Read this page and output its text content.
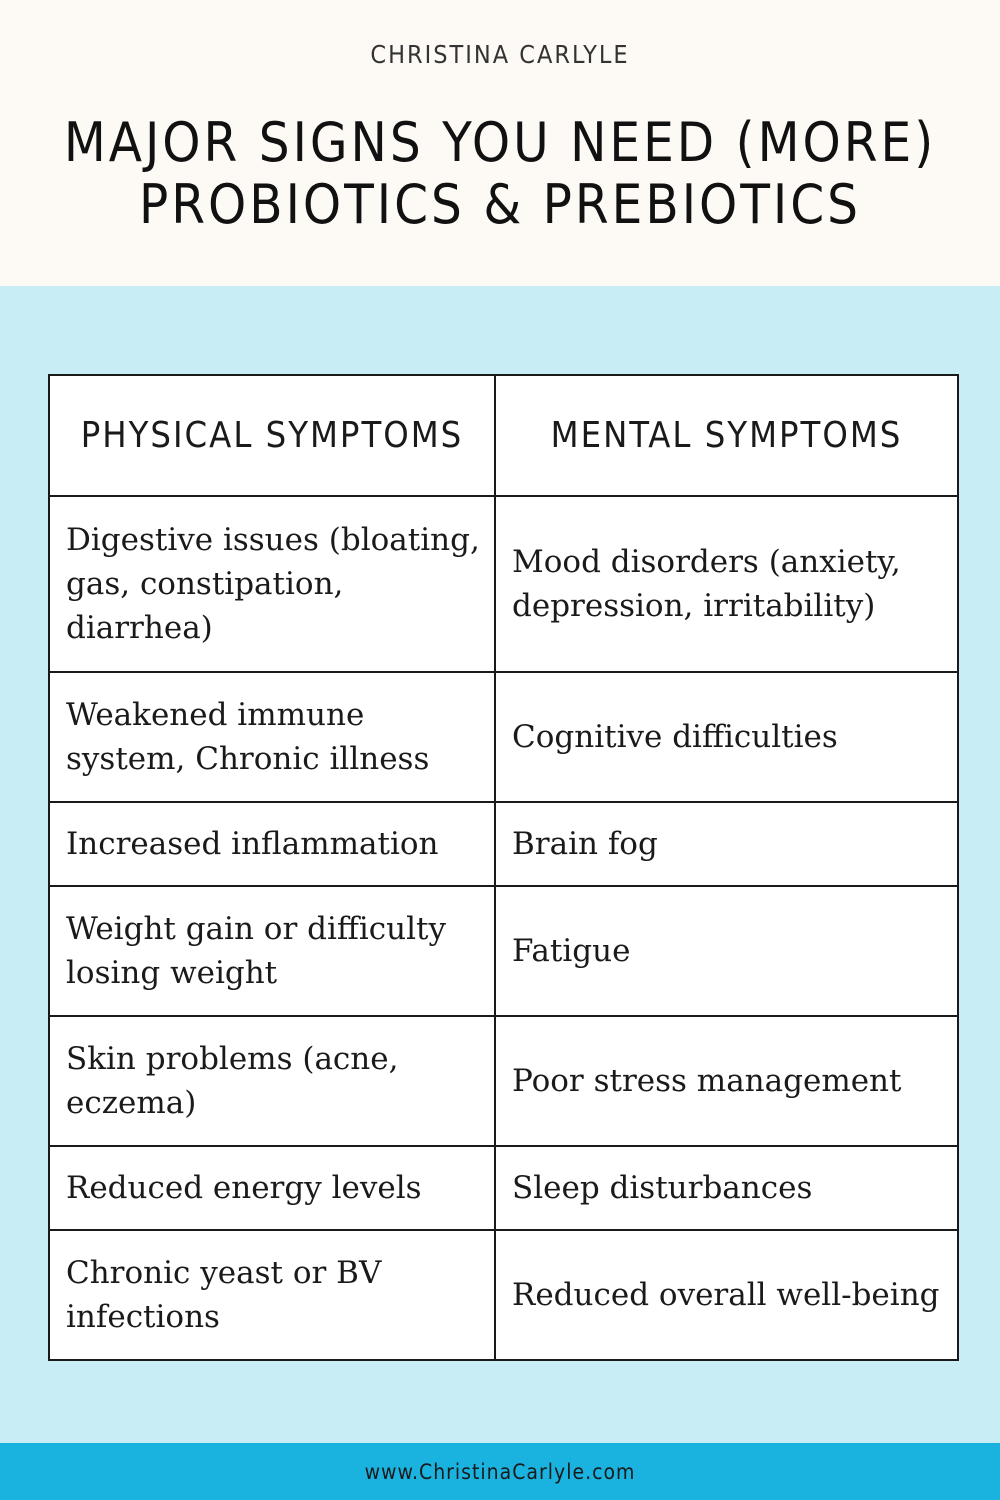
CHRISTINA CARLYLE
MAJOR SIGNS YOU NEED (MORE)
PROBIOTICS & PREBIOTICS
PHYSICAL SYMPTOMS	MENTAL SYMPTOMS
Digestive issues (bloating, gas, constipation, diarrhea)	Mood disorders (anxiety, depression, irritability)
Weakened immune system, Chronic illness	Cognitive difficulties
Increased inflammation	Brain fog
Weight gain or difficulty losing weight	Fatigue
Skin problems (acne, eczema)	Poor stress management
Reduced energy levels	Sleep disturbances
Chronic yeast or BV infections	Reduced overall well-being
www.ChristinaCarlyle.com
